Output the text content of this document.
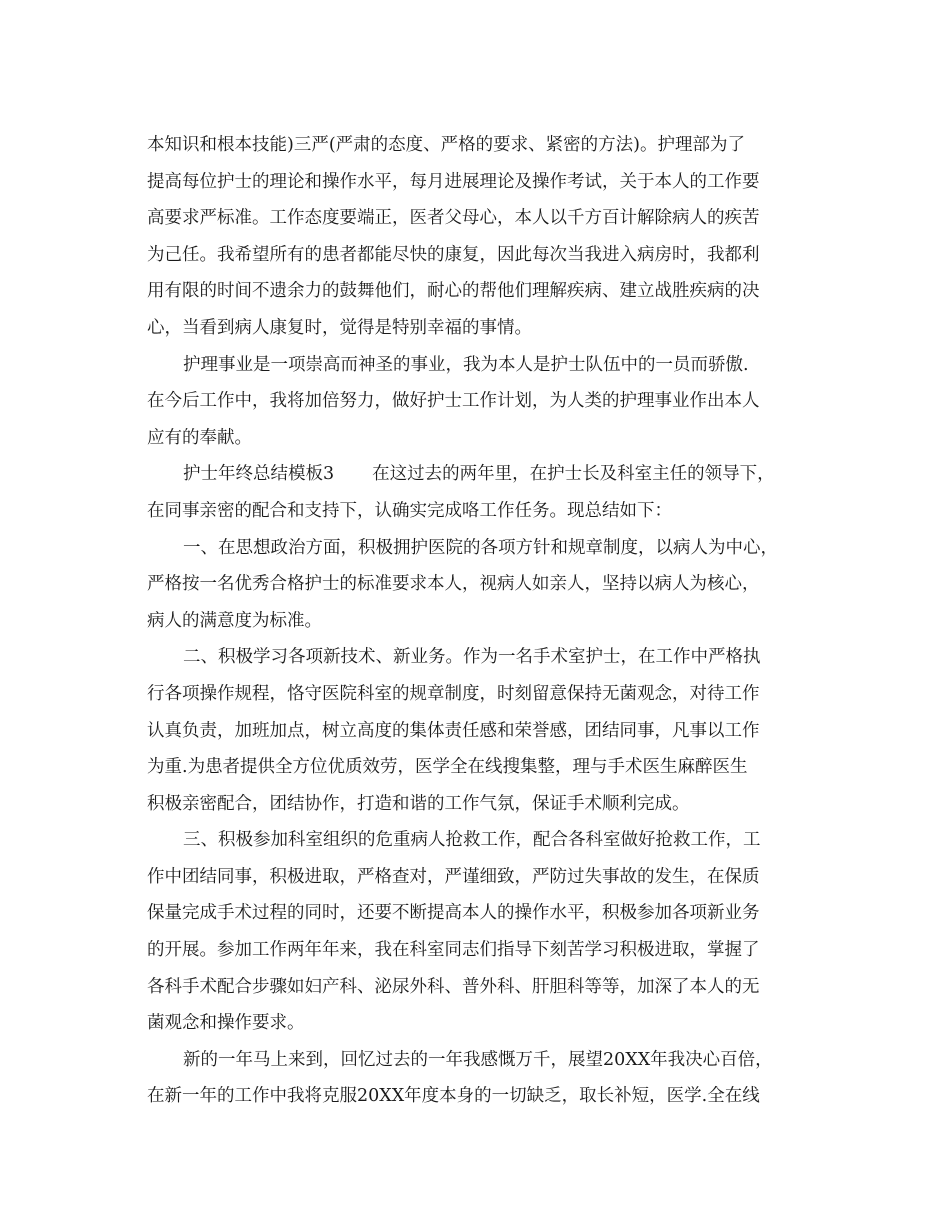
本知识和根本技能)三严(严肃的态度、严格的要求、紧密的方法)。护理部为了
提高每位护士的理论和操作水平，每月进展理论及操作考试，关于本人的工作要
高要求严标准。工作态度要端正，医者父母心，本人以千方百计解除病人的疾苦
为己任。我希望所有的患者都能尽快的康复，因此每次当我进入病房时，我都利
用有限的时间不遗余力的鼓舞他们，耐心的帮他们理解疾病、建立战胜疾病的决
心，当看到病人康复时，觉得是特别幸福的事情。
护理事业是一项崇高而神圣的事业，我为本人是护士队伍中的一员而骄傲.
在今后工作中，我将加倍努力，做好护士工作计划，为人类的护理事业作出本人
应有的奉献。
护士年终总结模板3 在这过去的两年里，在护士长及科室主任的领导下，
在同事亲密的配合和支持下，认确实完成咯工作任务。现总结如下：
一、在思想政治方面，积极拥护医院的各项方针和规章制度，以病人为中心，
严格按一名优秀合格护士的标准要求本人，视病人如亲人，坚持以病人为核心，
病人的满意度为标准。
二、积极学习各项新技术、新业务。作为一名手术室护士，在工作中严格执
行各项操作规程，恪守医院科室的规章制度，时刻留意保持无菌观念，对待工作
认真负责，加班加点，树立高度的集体责任感和荣誉感，团结同事，凡事以工作
为重.为患者提供全方位优质效劳，医学全在线搜集整，理与手术医生麻醉医生
积极亲密配合，团结协作，打造和谐的工作气氛，保证手术顺利完成。
三、积极参加科室组织的危重病人抢救工作，配合各科室做好抢救工作，工
作中团结同事，积极进取，严格查对，严谨细致，严防过失事故的发生，在保质
保量完成手术过程的同时，还要不断提高本人的操作水平，积极参加各项新业务
的开展。参加工作两年年来，我在科室同志们指导下刻苦学习积极进取，掌握了
各科手术配合步骤如妇产科、泌尿外科、普外科、肝胆科等等，加深了本人的无
菌观念和操作要求。
新的一年马上来到，回忆过去的一年我感慨万千，展望20XX年我决心百倍，
在新一年的工作中我将克服20XX年度本身的一切缺乏，取长补短，医学.全在线
